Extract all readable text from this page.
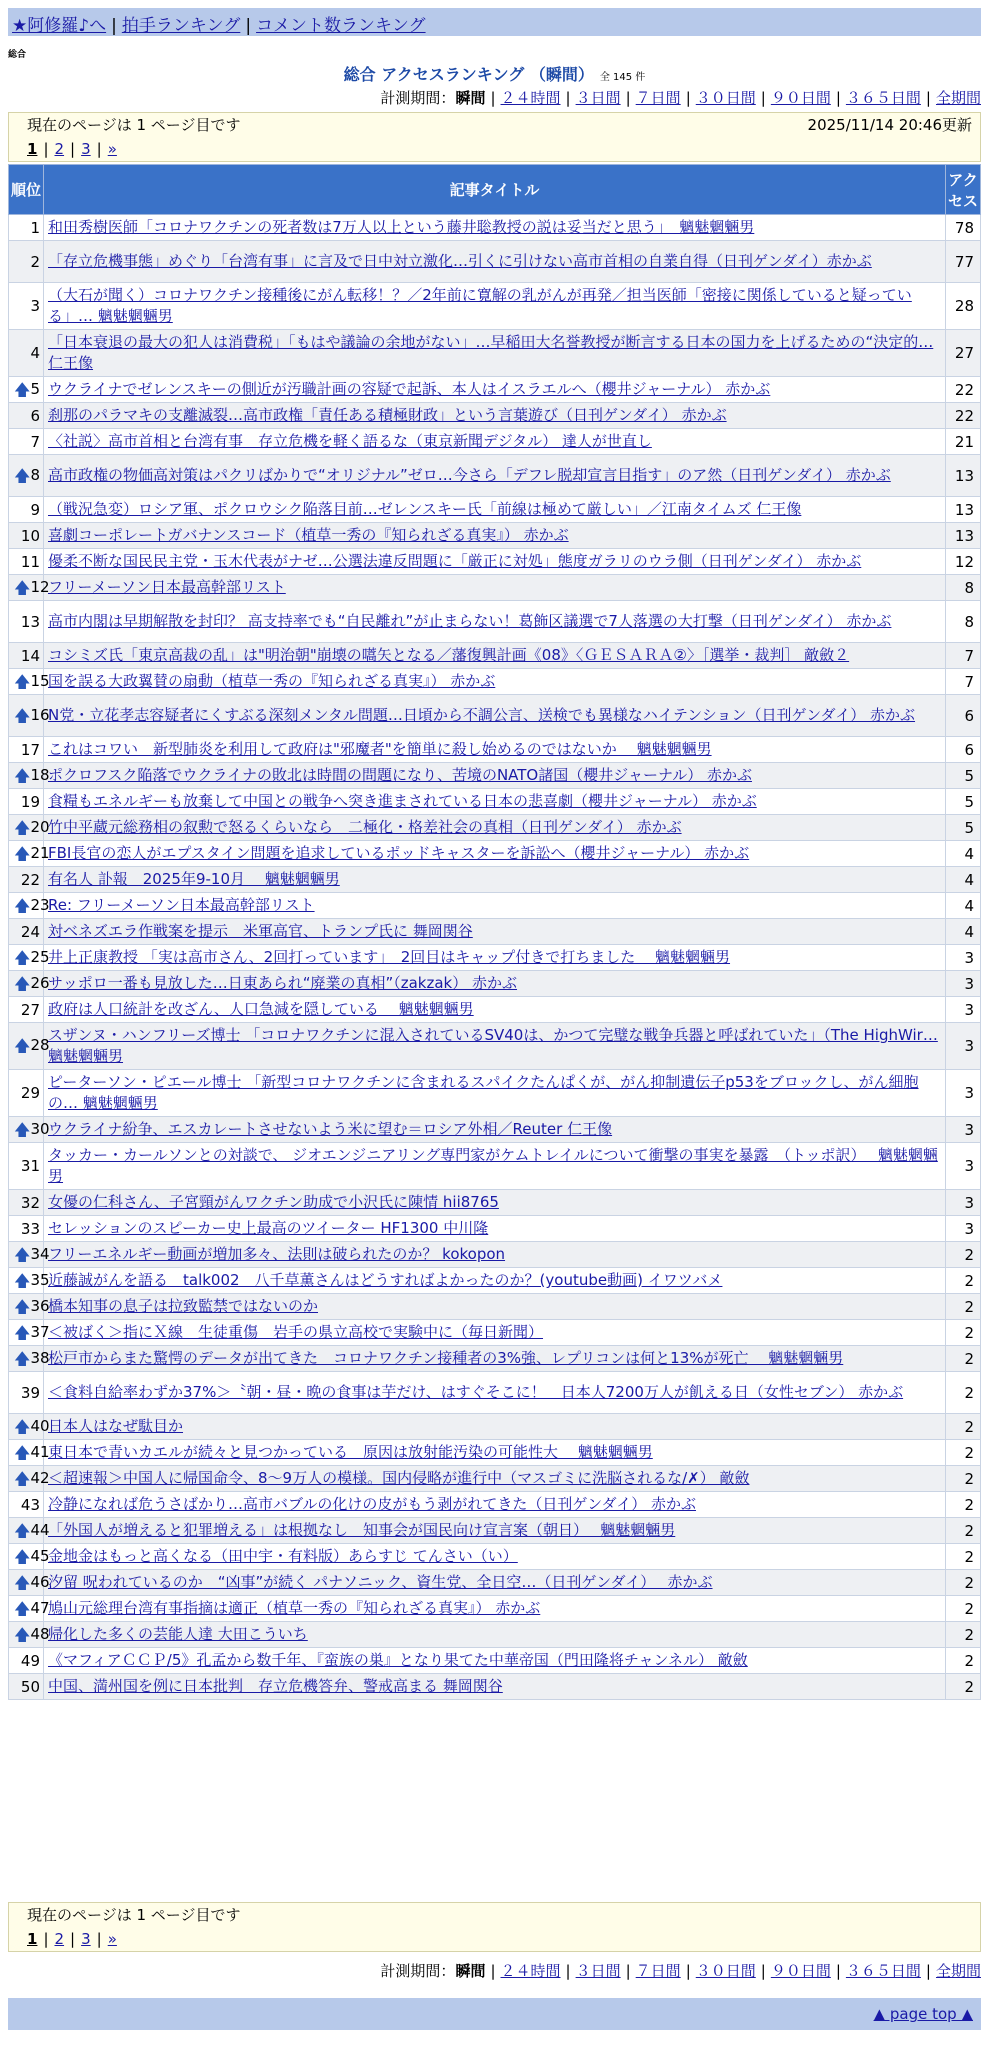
★阿修羅♪へ | 拍手ランキング | コメント数ランキング
総合
総合 アクセスランキング （瞬間） 全 145 件
計測期間：瞬間 | ２４時間 | ３日間 | ７日間 | ３０日間 | ９０日間 | ３６５日間 | 全期間
現在のページは 1 ページ目です	2025/11/14 20:46更新
1 | 2 | 3 | »
順位	記事タイトル	アクセス
1	和田秀樹医師「コロナワクチンの死者数は7万人以上という藤井聡教授の説は妥当だと思う」　魑魅魍魎男	78
2	「存立危機事態」めぐり「台湾有事」に言及で日中対立激化…引くに引けない高市首相の自業自得（日刊ゲンダイ）赤かぶ	77
3	（大石が聞く）コロナワクチン接種後にがん転移！？／2年前に寛解の乳がんが再発／担当医師「密接に関係していると疑っている」… 魑魅魍魎男	28
4	「日本衰退の最大の犯人は消費税」「もはや議論の余地がない」…早稲田大名誉教授が断言する日本の国力を上げるための“決定的… 仁王像	27

🡅 5	ウクライナでゼレンスキーの側近が汚職計画の容疑で起訴、本人はイスラエルへ（櫻井ジャーナル） 赤かぶ	22
6	刹那のパラマキの支離滅裂…高市政権「責任ある積極財政」という言葉遊び（日刊ゲンダイ） 赤かぶ	22
7	〈社説〉高市首相と台湾有事　存立危機を軽く語るな（東京新聞デジタル） 達人が世直し	21

🡅 8	高市政権の物価高対策はパクリばかりで“オリジナル”ゼロ…今さら「デフレ脱却宣言目指す」のア然（日刊ゲンダイ） 赤かぶ	13
9	（戦況急変）ロシア軍、ポクロウシク陥落目前…ゼレンスキー氏「前線は極めて厳しい」／江南タイムズ 仁王像	13
10	喜劇コーポレートガバナンスコード（植草一秀の『知られざる真実』） 赤かぶ	13
11	優柔不断な国民民主党・玉木代表がナゼ…公選法違反問題に「厳正に対処」態度ガラリのウラ側（日刊ゲンダイ） 赤かぶ	12

🡅 12	フリーメーソン日本最高幹部リスト	8
13	高市内閣は早期解散を封印？ 高支持率でも“自民離れ”が止まらない！葛飾区議選で7人落選の大打撃（日刊ゲンダイ） 赤かぶ	8
14	コシミズ氏「東京高裁の乱」は"明治朝"崩壊の嚆矢となる／藩復興計画《08》〈ＧＥＳＡＲＡ②〉［選挙・裁判］ 敵斂２	7

🡅 15	国を誤る大政翼賛の扇動（植草一秀の『知られざる真実』） 赤かぶ	7

🡅 16	N党・立花孝志容疑者にくすぶる深刻メンタル問題…日頃から不調公言、送検でも異様なハイテンション（日刊ゲンダイ） 赤かぶ	6
17	これはコワい　新型肺炎を利用して政府は"邪魔者"を簡単に殺し始めるのではないか　 魑魅魍魎男	6

🡅 18	ポクロフスク陥落でウクライナの敗北は時間の問題になり、苦境のNATO諸国（櫻井ジャーナル） 赤かぶ	5
19	食糧もエネルギーも放棄して中国との戦争へ突き進まされている日本の悲喜劇（櫻井ジャーナル） 赤かぶ	5

🡅 20	竹中平蔵元総務相の叙勲で怒るくらいなら　二極化・格差社会の真相（日刊ゲンダイ） 赤かぶ	5

🡅 21	FBI長官の恋人がエプスタイン問題を追求しているポッドキャスターを訴訟へ（櫻井ジャーナル） 赤かぶ	4
22	有名人 訃報　2025年9-10月　 魑魅魍魎男	4

🡅 23	Re: フリーメーソン日本最高幹部リスト	4
24	対ベネズエラ作戦案を提示　米軍高官、トランプ氏に 舞岡関谷	4

🡅 25	井上正康教授 「実は高市さん、2回打っています」　2回目はキャップ付きで打ちました　 魑魅魍魎男	3

🡅 26	サッポロ一番も見放した…日東あられ“廃業の真相”（zakzak） 赤かぶ	3
27	政府は人口統計を改ざん、人口急減を隠している　 魑魅魍魎男	3

🡅 28	スザンヌ・ハンフリーズ博士 「コロナワクチンに混入されているSV40は、かつて完璧な戦争兵器と呼ばれていた」（The HighWir… 魑魅魍魎男	3
29	ピーターソン・ピエール博士 「新型コロナワクチンに含まれるスパイクたんぱくが、がん抑制遺伝子p53をブロックし、がん細胞の… 魑魅魍魎男	3

🡅 30	ウクライナ紛争、エスカレートさせないよう米に望む＝ロシア外相／Reuter 仁王像	3
31	タッカー・カールソンとの対談で、 ジオエンジニアリング専門家がケムトレイルについて衝撃の事実を暴露　（トッポ訳）　 魑魅魍魎男	3
32	女優の仁科さん、子宮頸がんワクチン助成で小沢氏に陳情 hii8765	3
33	セレッションのスピーカー史上最高のツイーター HF1300 中川隆	3

🡅 34	フリーエネルギー動画が増加多々、法則は破られたのか？ kokopon	2

🡅 35	近藤誠がんを語る　talk002　八千草薫さんはどうすればよかったのか？(youtube動画) イワツバメ	2

🡅 36	橋本知事の息子は拉致監禁ではないのか	2

🡅 37	＜被ばく＞指にＸ線　生徒重傷　岩手の県立高校で実験中に（毎日新聞）	2

🡅 38	松戸市からまた驚愕のデータが出てきた　コロナワクチン接種者の3%強、レプリコンは何と13%が死亡　 魑魅魍魎男	2
39	＜食料自給率わずか37%＞〝朝・昼・晩の食事は芋だけ、はすぐそこに！　日本人7200万人が飢える日（女性セブン） 赤かぶ	2

🡅 40	日本人はなぜ駄目か	2

🡅 41	東日本で青いカエルが続々と見つかっている　原因は放射能汚染の可能性大　 魑魅魍魎男	2

🡅 42	＜超速報＞中国人に帰国命令、8～9万人の模様。国内侵略が進行中（マスゴミに洗脳されるな/✗） 敵斂	2
43	冷静になれば危うさばかり…高市バブルの化けの皮がもう剥がれてきた（日刊ゲンダイ） 赤かぶ	2

🡅 44	「外国人が増えると犯罪増える」は根拠なし　知事会が国民向け宣言案（朝日）　 魑魅魍魎男	2

🡅 45	金地金はもっと高くなる（田中宇・有料版）あらすじ てんさい（い）	2

🡅 46	汐留 呪われているのか　“凶事”が続く パナソニック、資生党、全日空…（日刊ゲンダイ）　 赤かぶ	2

🡅 47	鳩山元総理台湾有事指摘は適正（植草一秀の『知られざる真実』） 赤かぶ	2

🡅 48	帰化した多くの芸能人達 大田こういち	2
49	《マフィアＣＣＰ/5》孔孟から数千年、『蛮族の巣』となり果てた中華帝国（門田隆将チャンネル） 敵斂	2
50	中国、満州国を例に日本批判　存立危機答弁、警戒高まる 舞岡関谷	2
現在のページは 1 ページ目です
1 | 2 | 3 | »
計測期間：瞬間 | ２４時間 | ３日間 | ７日間 | ３０日間 | ９０日間 | ３６５日間 | 全期間
▲ page top ▲
